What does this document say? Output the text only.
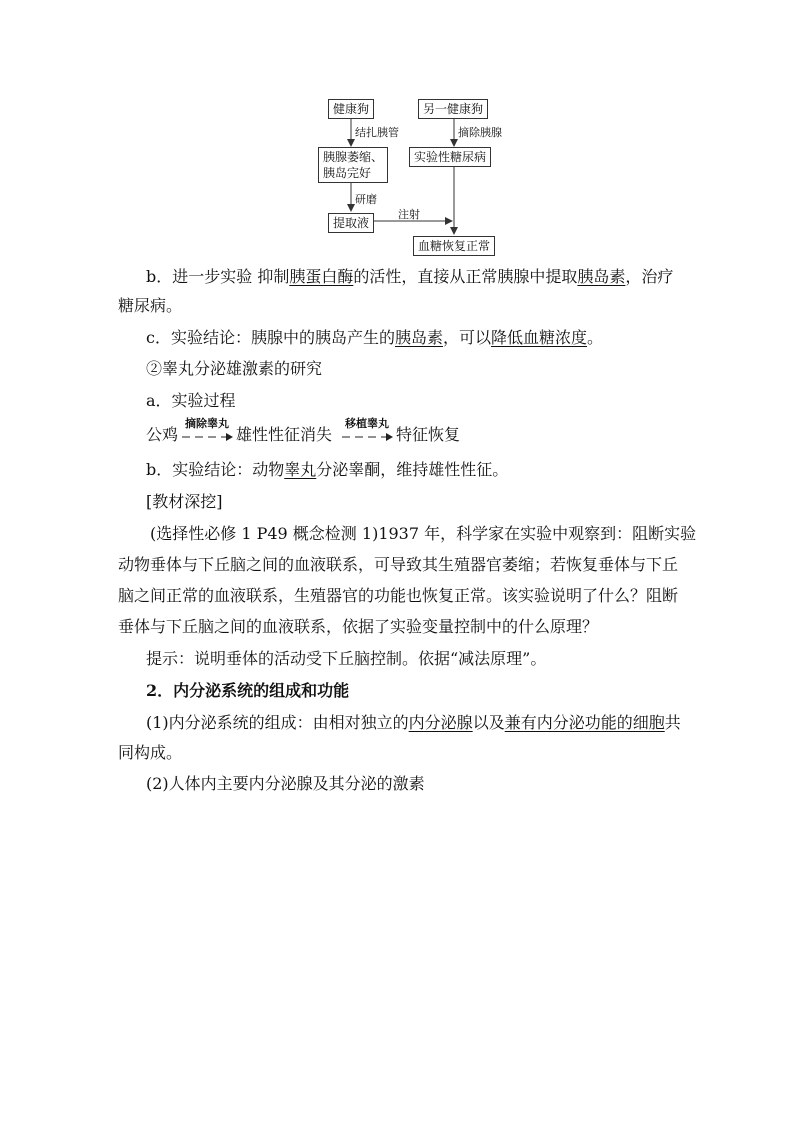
健康狗	另一健康狗
结扎胰管	摘除胰腺
胰腺萎缩、
胰岛完好
实验性糖尿病
研磨
提取液
注射
血糖恢复正常
b．进一步实验 抑制胰蛋白酶的活性，直接从正常胰腺中提取胰岛素，治疗
糖尿病。
c．实验结论：胰腺中的胰岛产生的胰岛素，可以降低血糖浓度。
②睾丸分泌雄激素的研究
a．实验过程
公鸡
摘除睾丸
雄性性征消失
移植睾丸
特征恢复
b．实验结论：动物睾丸分泌睾酮，维持雄性性征。
[教材深挖]
(选择性必修 1 P49 概念检测 1)1937 年，科学家在实验中观察到：阻断实验
动物垂体与下丘脑之间的血液联系，可导致其生殖器官萎缩；若恢复垂体与下丘
脑之间正常的血液联系，生殖器官的功能也恢复正常。该实验说明了什么？阻断
垂体与下丘脑之间的血液联系，依据了实验变量控制中的什么原理？
提示：说明垂体的活动受下丘脑控制。依据“减法原理”。
2．内分泌系统的组成和功能
(1)内分泌系统的组成：由相对独立的内分泌腺以及兼有内分泌功能的细胞共
同构成。
(2)人体内主要内分泌腺及其分泌的激素
